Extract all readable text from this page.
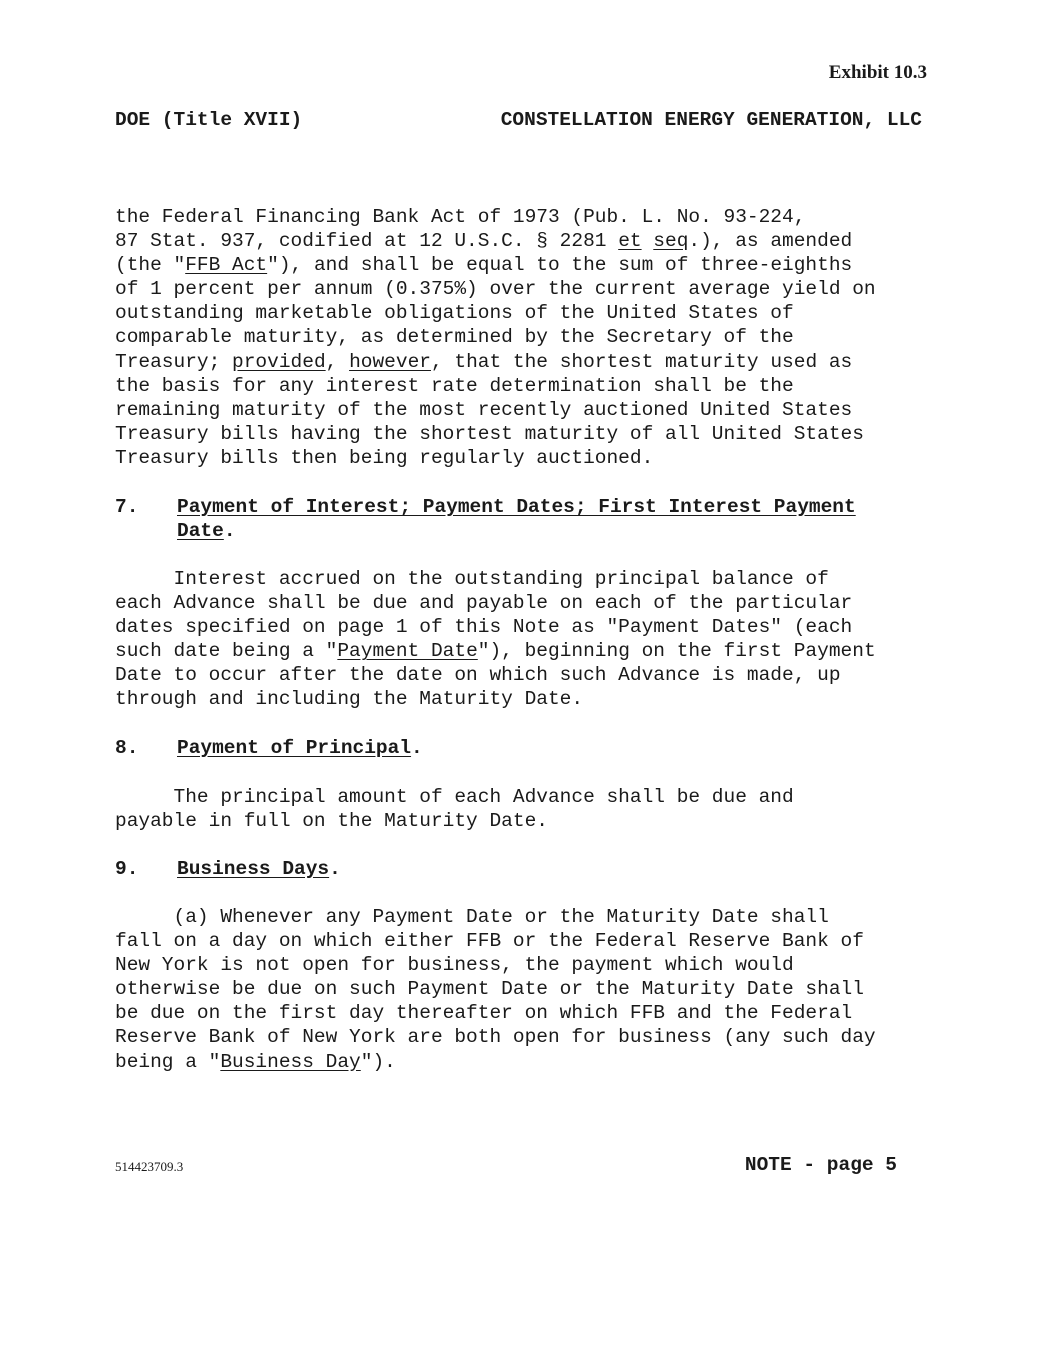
Exhibit 10.3
DOE (Title XVII)	CONSTELLATION ENERGY GENERATION, LLC
the Federal Financing Bank Act of 1973 (Pub. L. No. 93-224,
87 Stat. 937, codified at 12 U.S.C. § 2281 et seq.), as amended
(the "FFB Act"), and shall be equal to the sum of three-eighths
of 1 percent per annum (0.375%) over the current average yield on
outstanding marketable obligations of the United States of
comparable maturity, as determined by the Secretary of the
Treasury; provided, however, that the shortest maturity used as
the basis for any interest rate determination shall be the
remaining maturity of the most recently auctioned United States
Treasury bills having the shortest maturity of all United States
Treasury bills then being regularly auctioned.
7. Payment of Interest; Payment Dates; First Interest Payment
Date.
Interest accrued on the outstanding principal balance of
each Advance shall be due and payable on each of the particular
dates specified on page 1 of this Note as "Payment Dates" (each
such date being a "Payment Date"), beginning on the first Payment
Date to occur after the date on which such Advance is made, up
through and including the Maturity Date.
8. Payment of Principal.
The principal amount of each Advance shall be due and
payable in full on the Maturity Date.
9. Business Days.
(a) Whenever any Payment Date or the Maturity Date shall
fall on a day on which either FFB or the Federal Reserve Bank of
New York is not open for business, the payment which would
otherwise be due on such Payment Date or the Maturity Date shall
be due on the first day thereafter on which FFB and the Federal
Reserve Bank of New York are both open for business (any such day
being a "Business Day").
514423709.3	NOTE - page 5
